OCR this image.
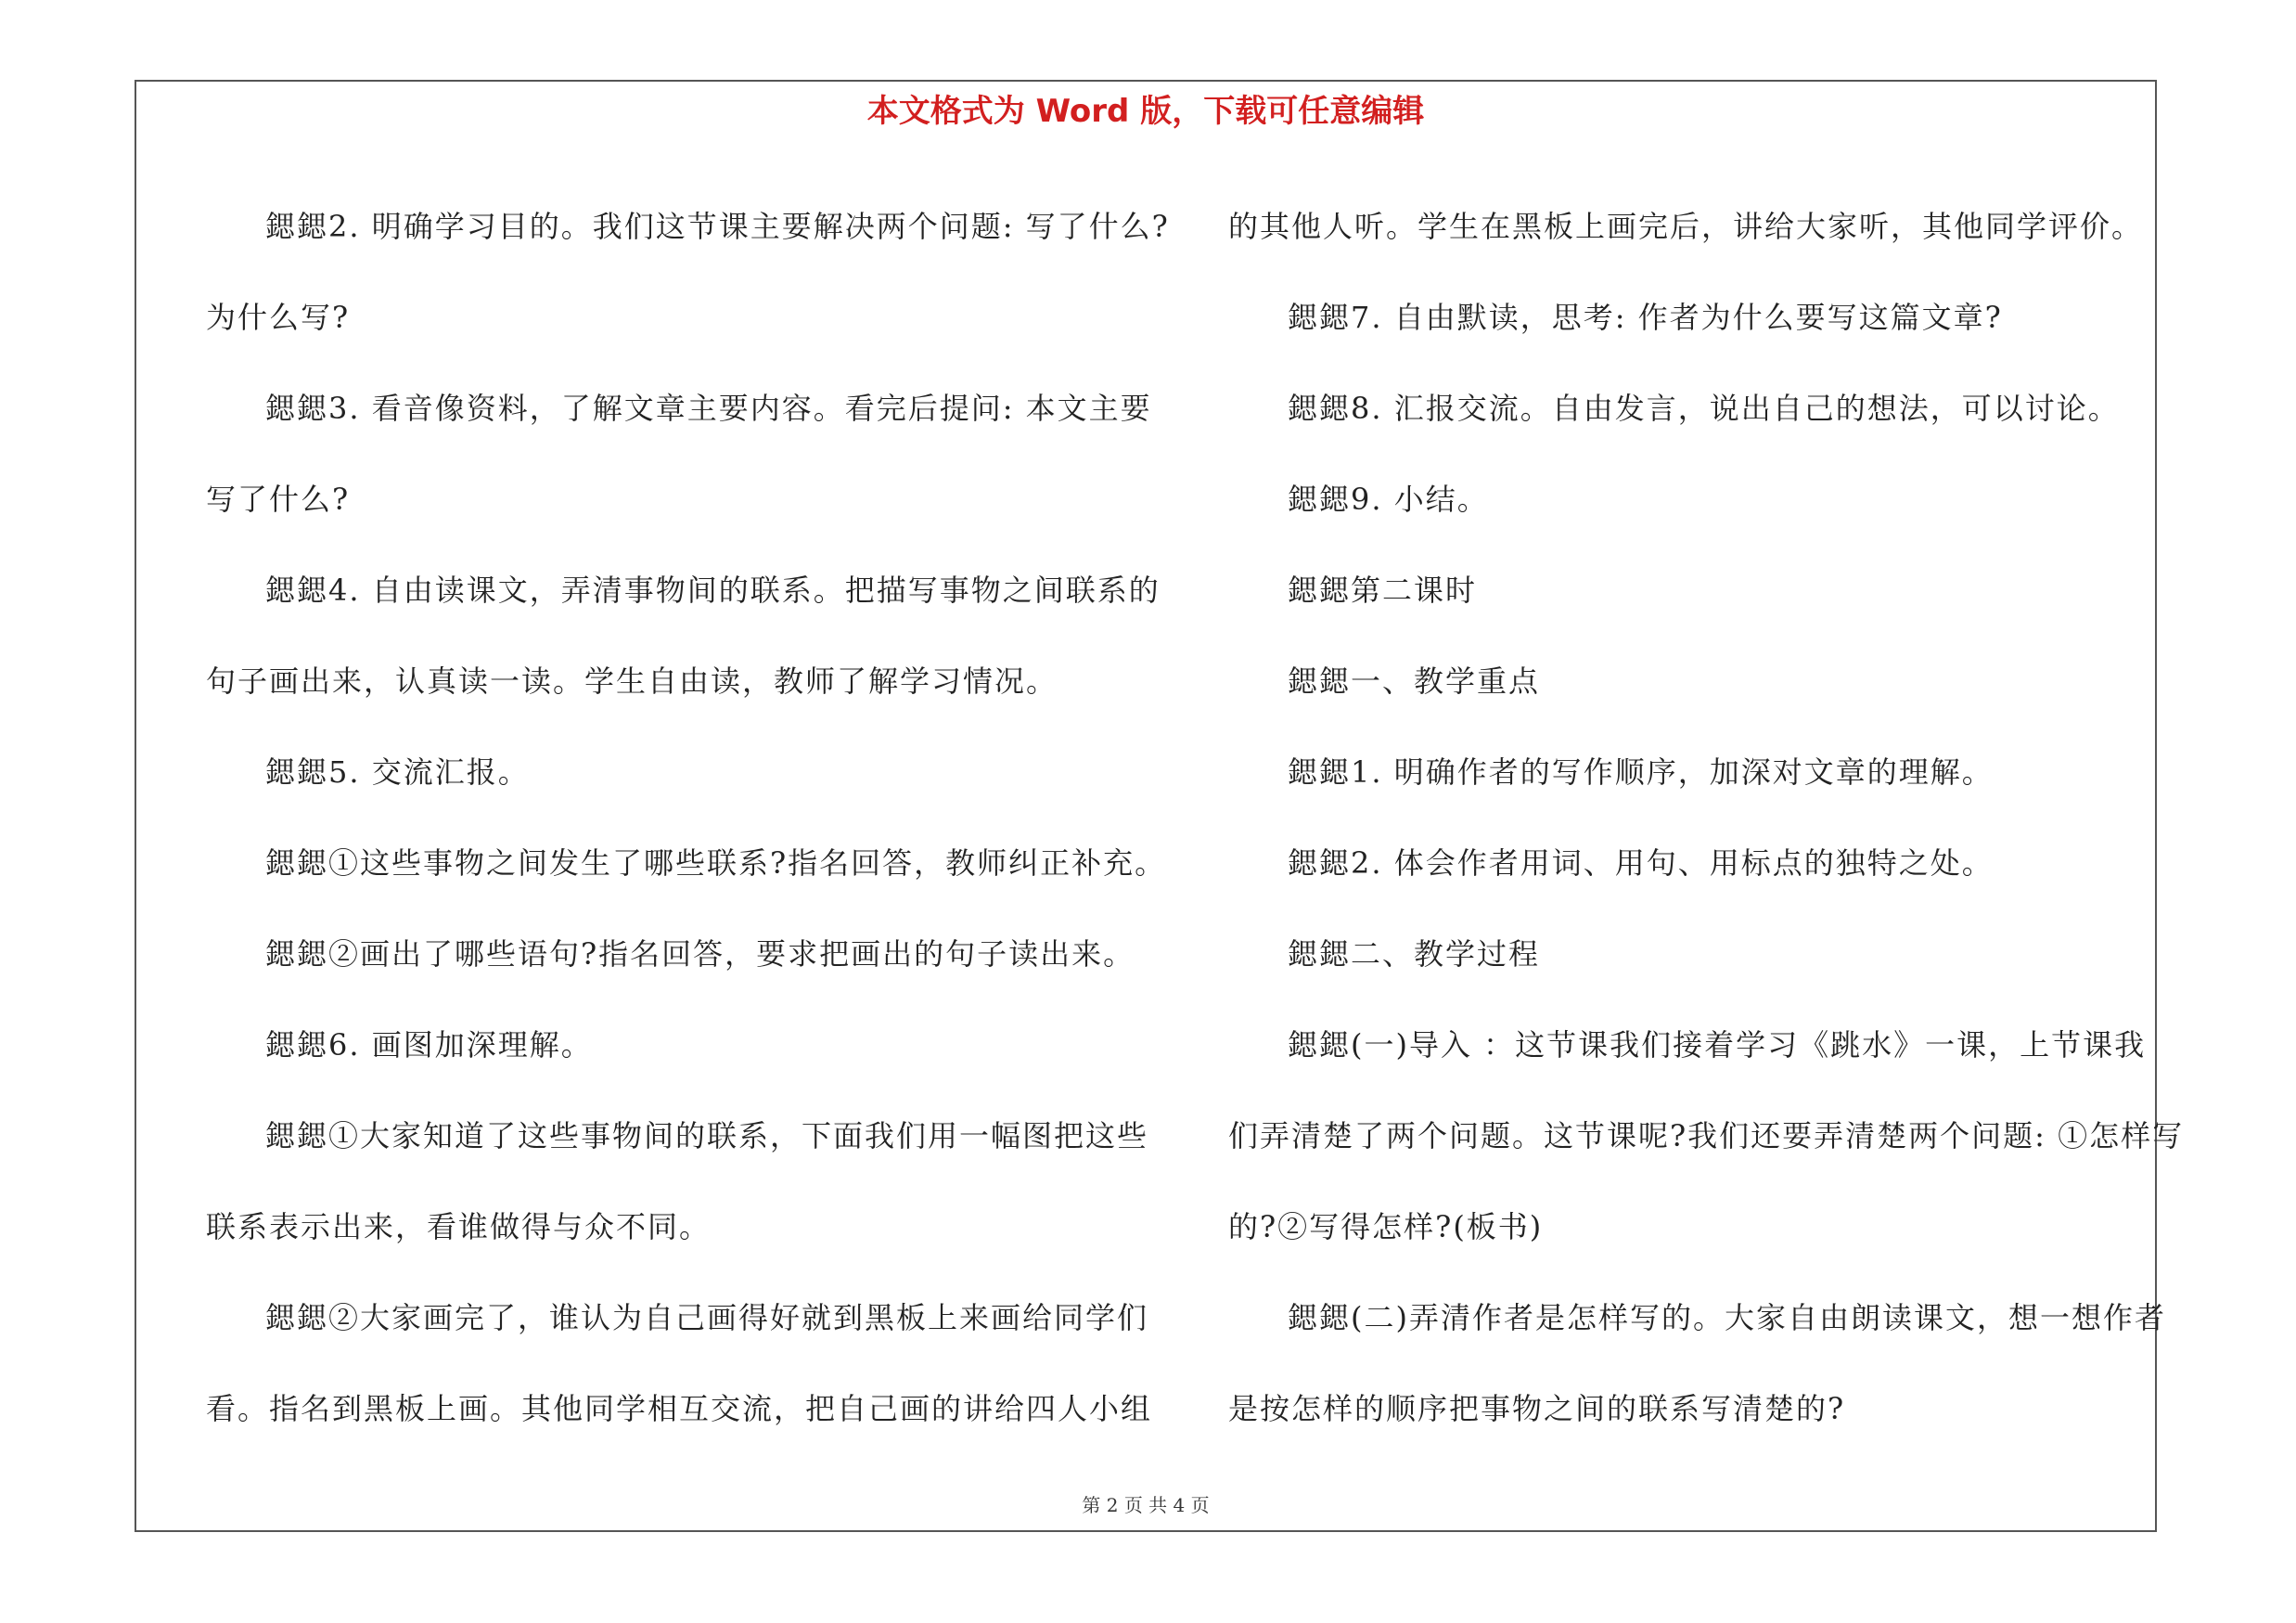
本文格式为 Word 版，下载可任意编辑
鍶鍶2. 明确学习目的。我们这节课主要解决两个问题: 写了什么?
为什么写?
鍶鍶3. 看音像资料，了解文章主要内容。看完后提问: 本文主要
写了什么?
鍶鍶4. 自由读课文，弄清事物间的联系。把描写事物之间联系的
句子画出来，认真读一读。学生自由读，教师了解学习情况。
鍶鍶5. 交流汇报。
鍶鍶①这些事物之间发生了哪些联系?指名回答，教师纠正补充。
鍶鍶②画出了哪些语句?指名回答，要求把画出的句子读出来。
鍶鍶6. 画图加深理解。
鍶鍶①大家知道了这些事物间的联系，下面我们用一幅图把这些
联系表示出来，看谁做得与众不同。
鍶鍶②大家画完了，谁认为自己画得好就到黑板上来画给同学们
看。指名到黑板上画。其他同学相互交流，把自己画的讲给四人小组
的其他人听。学生在黑板上画完后，讲给大家听，其他同学评价。
鍶鍶7. 自由默读，思考: 作者为什么要写这篇文章?
鍶鍶8. 汇报交流。自由发言，说出自己的想法，可以讨论。
鍶鍶9. 小结。
鍶鍶第二课时
鍶鍶一、教学重点
鍶鍶1. 明确作者的写作顺序，加深对文章的理解。
鍶鍶2. 体会作者用词、用句、用标点的独特之处。
鍶鍶二、教学过程
鍶鍶(一)导入 ：这节课我们接着学习《跳水》一课，上节课我
们弄清楚了两个问题。这节课呢?我们还要弄清楚两个问题: ①怎样写
的?②写得怎样?(板书)
鍶鍶(二)弄清作者是怎样写的。大家自由朗读课文，想一想作者
是按怎样的顺序把事物之间的联系写清楚的?
第 2 页 共 4 页
